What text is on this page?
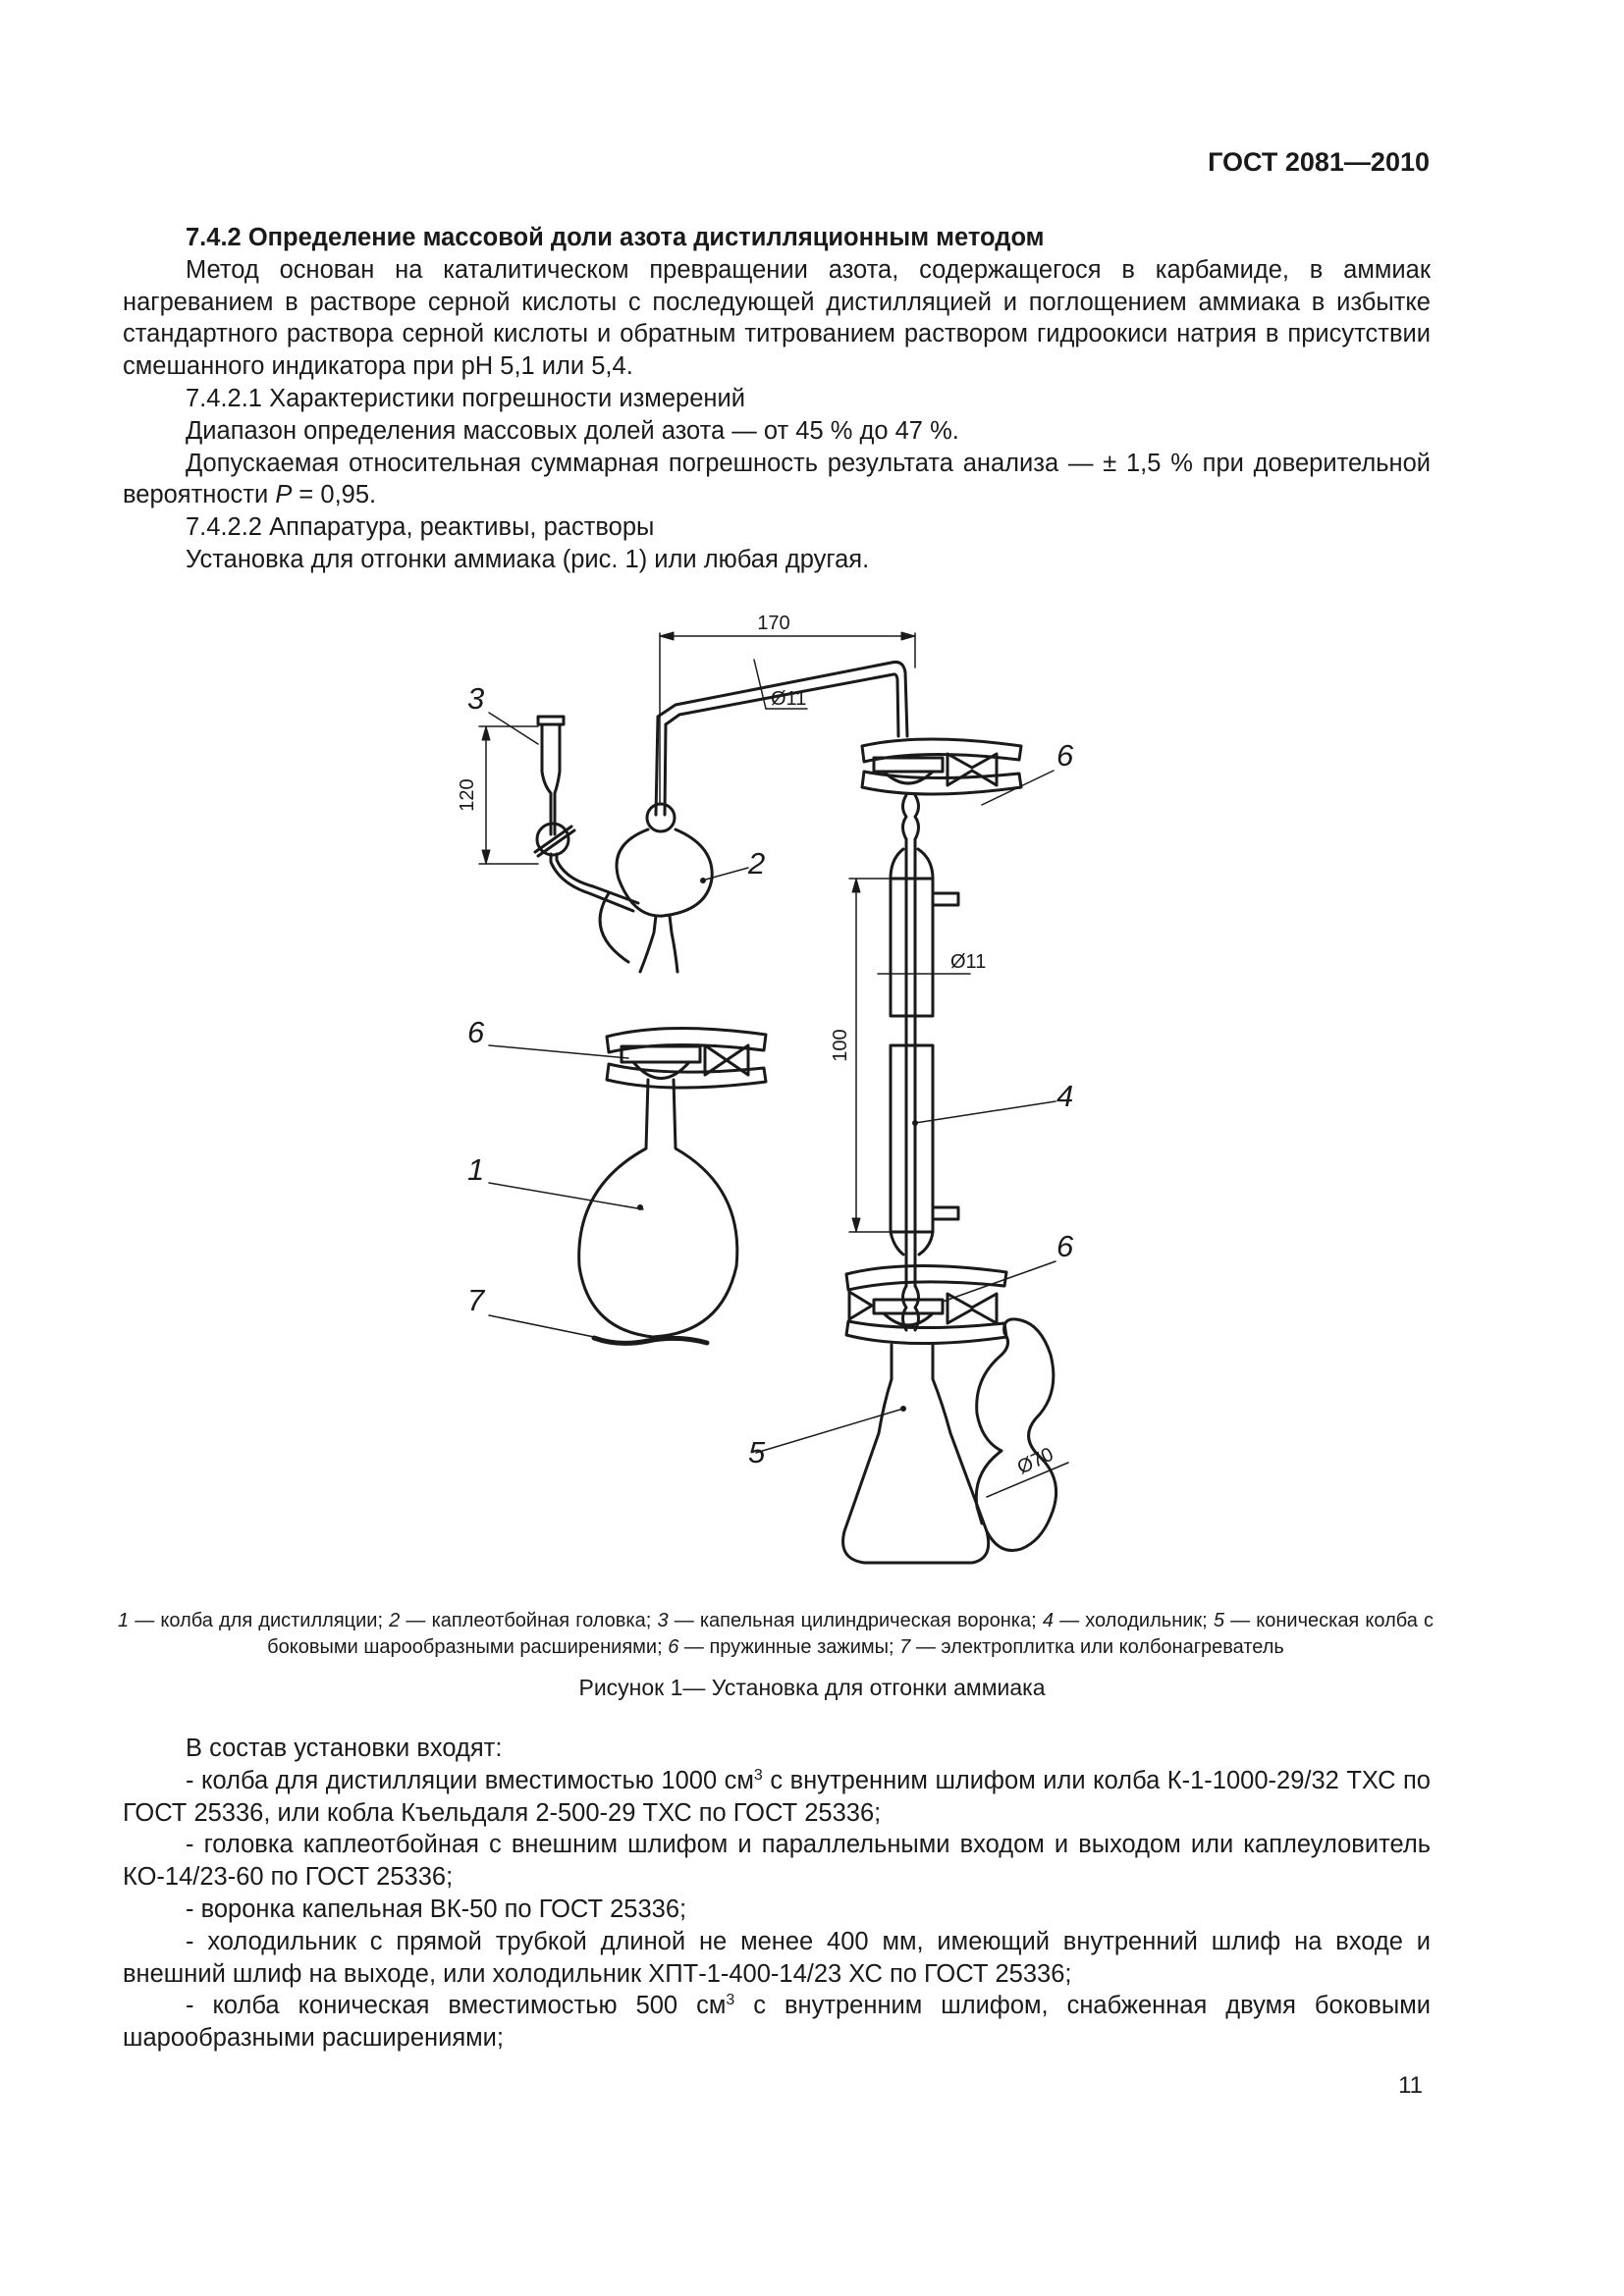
ГОСТ 2081—2010

7.4.2 Определение массовой доли азота дистилляционным методом

Метод основан на каталитическом превращении азота, содержащегося в карбамиде, в аммиак нагреванием в растворе серной кислоты с последующей дистилляцией и поглощением аммиака в избытке стандартного раствора серной кислоты и обратным титрованием раствором гидроокиси натрия в присутствии смешанного индикатора при pH 5,1 или 5,4.

7.4.2.1 Характеристики погрешности измерений

Диапазон определения массовых долей азота — от 45 % до 47 %.

Допускаемая относительная суммарная погрешность результата анализа — ± 1,5 % при доверительной вероятности P = 0,95.

7.4.2.2 Аппаратура, реактивы, растворы

Установка для отгонки аммиака (рис. 1) или любая другая.

170
Ø11
120
Ø11
100
Ø70
3
2
6
1
7
4
5
6
6
1 — колба для дистилляции; 2 — каплеотбойная головка; 3 — капельная цилиндрическая воронка; 4 — холодильник; 5 — коническая колба с боковыми шарообразными расширениями; 6 — пружинные зажимы; 7 — электроплитка или колбонагреватель
Рисунок 1— Установка для отгонки аммиака

В состав установки входят:

- колба для дистилляции вместимостью 1000 $см^3$ с внутренним шлифом или колба К-1-1000-29/32 ТХС по ГОСТ 25336, или кобла Къельдаля 2-500-29 ТХС по ГОСТ 25336;
- головка каплеотбойная с внешним шлифом и параллельными входом и выходом или каплеуловитель КО-14/23-60 по ГОСТ 25336;
- воронка капельная ВК-50 по ГОСТ 25336;
- холодильник с прямой трубкой длиной не менее 400 мм, имеющий внутренний шлиф на входе и внешний шлиф на выходе, или холодильник ХПТ-1-400-14/23 ХС по ГОСТ 25336;
- колба коническая вместимостью 500 $см^3$ с внутренним шлифом, снабженная двумя боковыми шарообразными расширениями;
11
